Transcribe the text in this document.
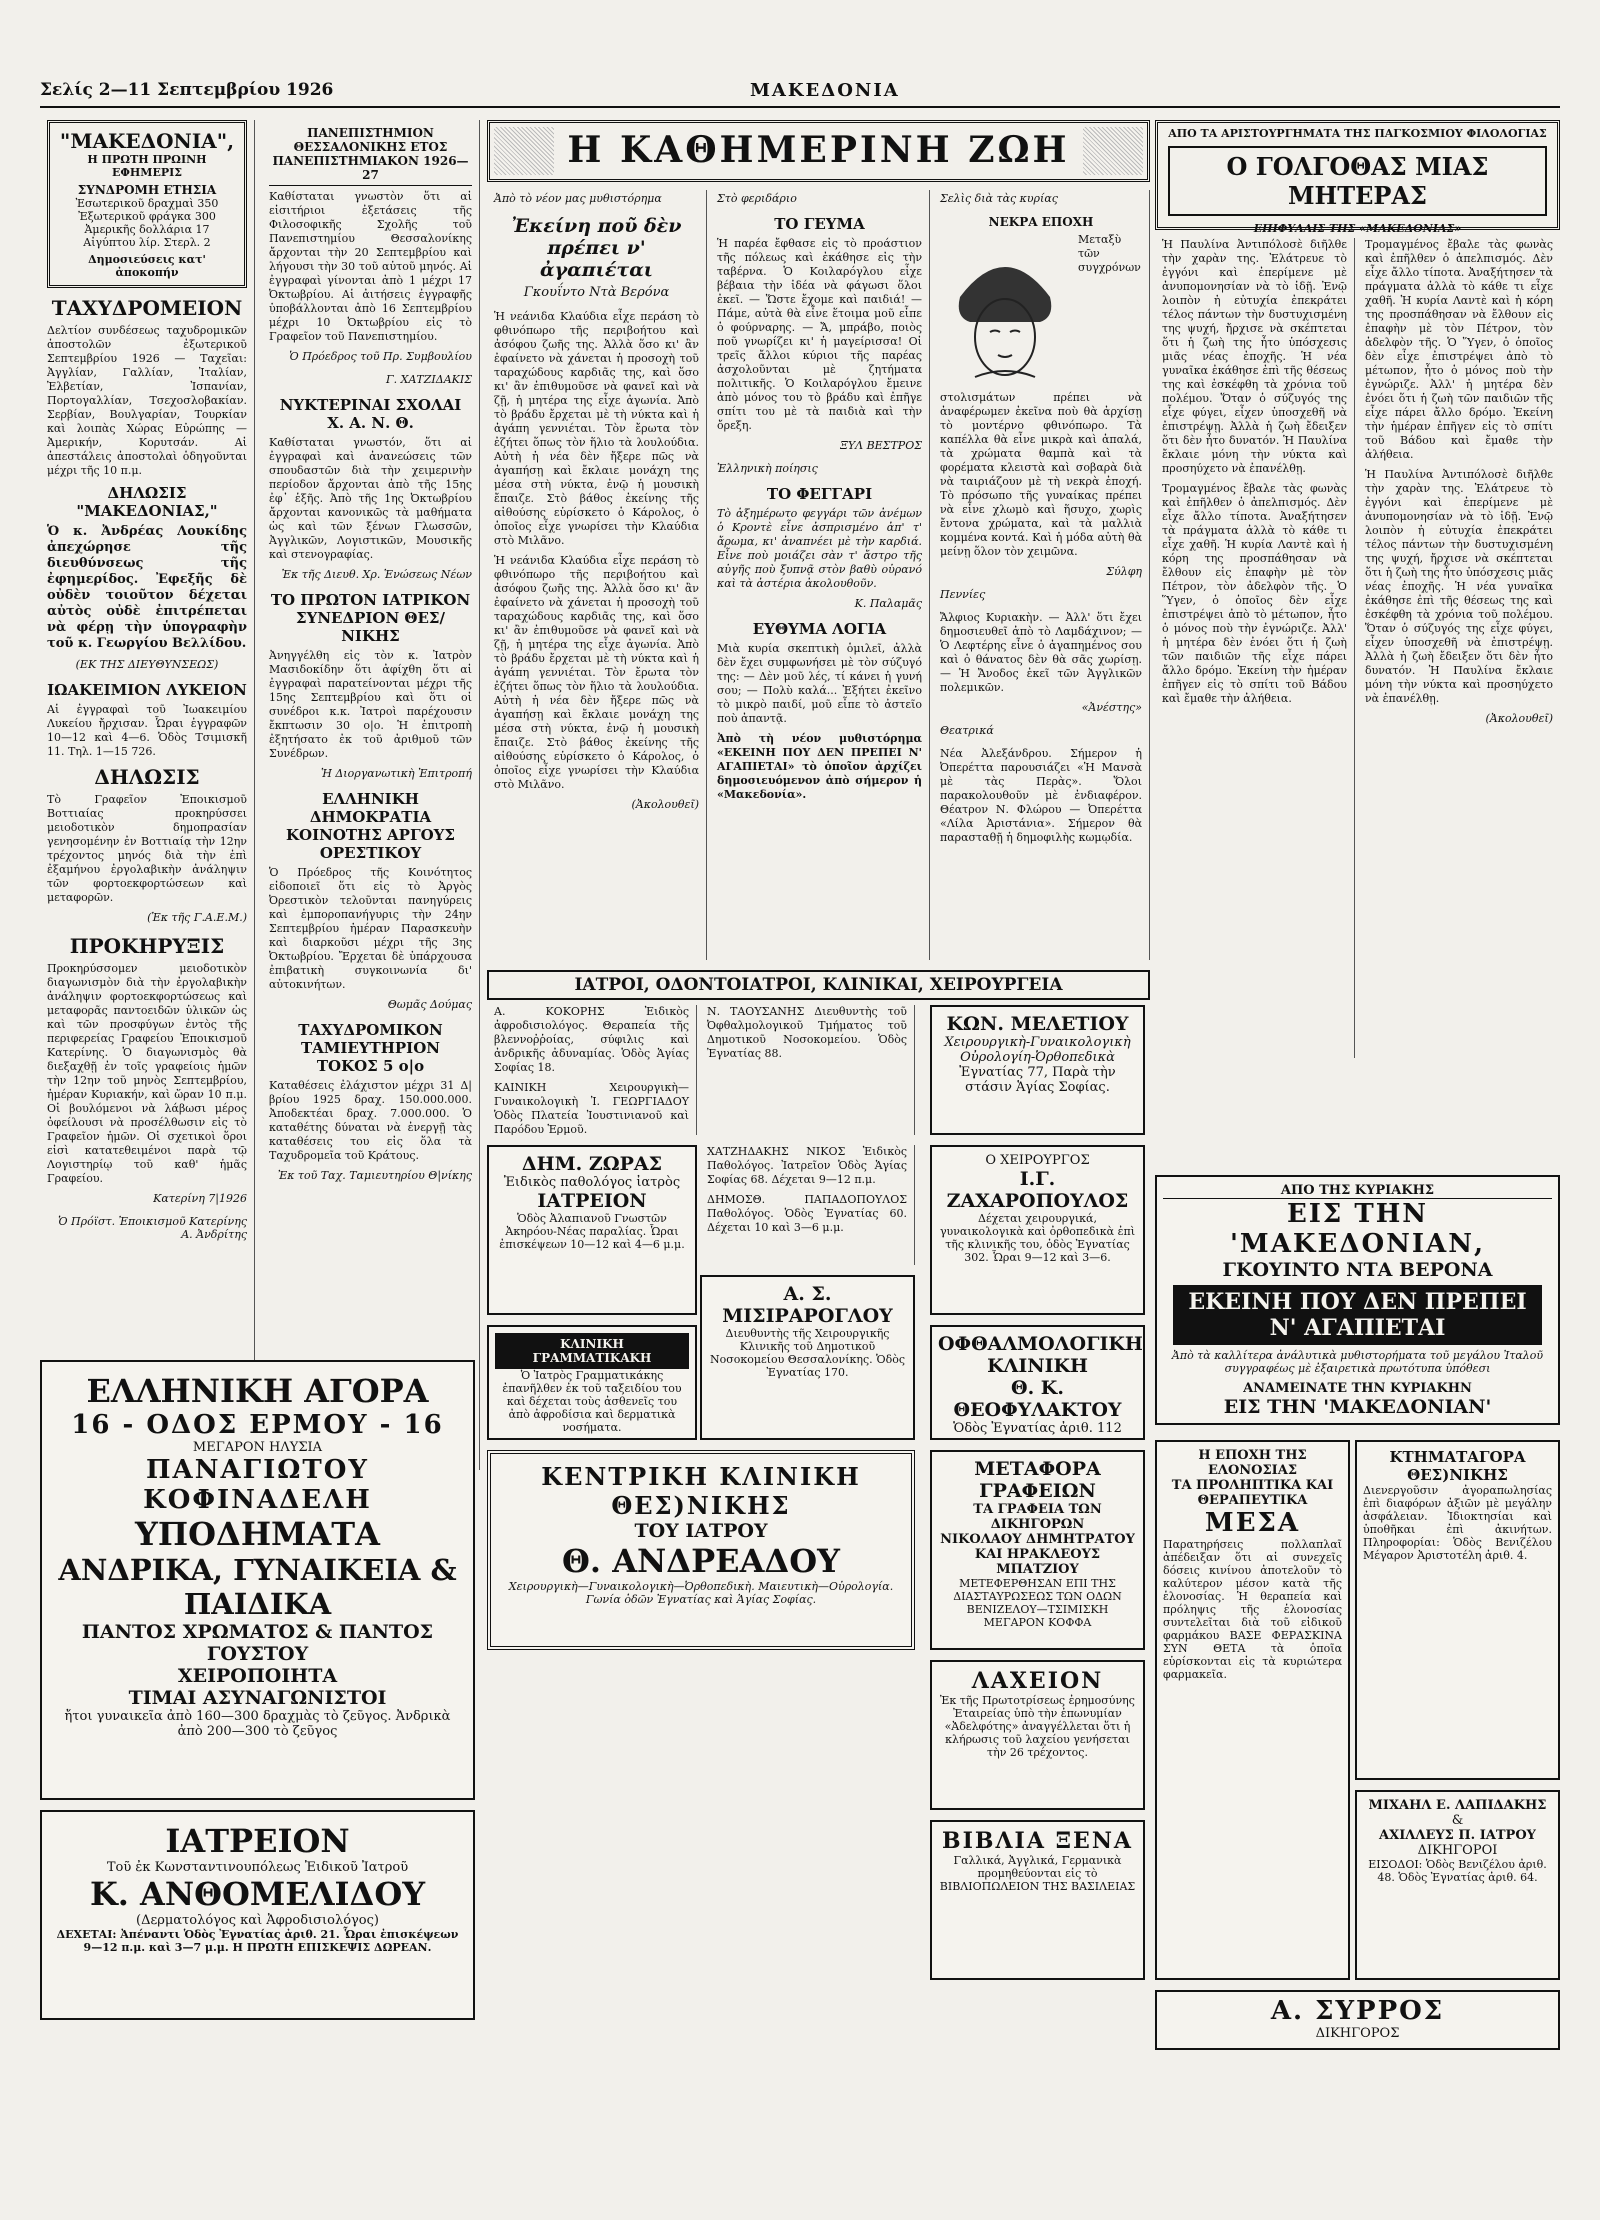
Σελίς 2—11 Σεπτεμβρίου 1926	ΜΑΚΕΔΟΝΙΑ
"ΜΑΚΕΔΟΝΙΑ",
Η ΠΡΩΤΗ ΠΡΩΙΝΗ ΕΦΗΜΕΡΙΣ
ΣΥΝΔΡΟΜΗ ΕΤΗΣΙΑ
Ἐσωτερικοῦ δραχμαὶ 350
Ἐξωτερικοῦ φράγκα 300
Ἀμερικῆς δολλάρια 17
Αἰγύπτου λίρ. Στερλ. 2
Δημοσιεύσεις κατ' ἀποκοπήν
ΤΑΧΥΔΡΟΜΕΙΟΝ

Δελτίον συνδέσεως ταχυδρομικῶν ἀποστολῶν ἐξωτερικοῦ Σεπτεμβρίου 1926 — Ταχεῖαι: Ἀγγλίαν, Γαλλίαν, Ἰταλίαν, Ἐλβετίαν, Ἰσπανίαν, Πορτογαλλίαν, Τσεχοσλοβακίαν. Σερβίαν, Βουλγαρίαν, Τουρκίαν καὶ λοιπὰς Χώρας Εὐρώπης — Ἀμερικήν, Κορυτσάν. Αἱ ἀπεστάλεις ἀποστολαὶ ὁδηγοῦνται μέχρι τῆς 10 π.μ.

ΔΗΛΩΣΙΣ "ΜΑΚΕΔΟΝΙΑΣ,"

Ὁ κ. Ἀνδρέας Λουκίδης ἀπεχώρησε τῆς διευθύνσεως τῆς ἐφημερίδος. Ἐφεξῆς δὲ οὐδὲν τοιοῦτον δέχεται αὐτὸς οὐδὲ ἐπιτρέπεται νὰ φέρῃ τὴν ὑπογραφὴν τοῦ κ. Γεωργίου Βελλίδου.

(ΕΚ ΤΗΣ ΔΙΕΥΘΥΝΣΕΩΣ)
ΙΩΑΚΕΙΜΙΟΝ ΛΥΚΕΙΟΝ

Αἱ ἐγγραφαὶ τοῦ Ἰωακειμίου Λυκείου ἤρχισαν. Ὧραι ἐγγραφῶν 10—12 καὶ 4—6. Ὁδὸς Τσιμισκῆ 11. Τηλ. 1—15 726.

ΔΗΛΩΣΙΣ

Τὸ Γραφεῖον Ἐποικισμοῦ Βοττιαίας προκηρύσσει μειοδοτικὸν δημοπρασίαν γενησομένην ἐν Βοττιαίᾳ τὴν 12ην τρέχοντος μηνός διὰ τὴν ἐπὶ ἐξαμήνου ἐργολαβικὴν ἀνάληψιν τῶν φορτοεκφορτώσεων καὶ μεταφορῶν.

(Ἐκ τῆς Γ.Α.Ε.Μ.)
ΠΡΟΚΗΡΥΞΙΣ

Προκηρύσσομεν μειοδοτικὸν διαγωνισμὸν διὰ τὴν ἐργολαβικὴν ἀνάληψιν φορτοεκφορτώσεως καὶ μεταφορᾶς παντοειδῶν ὑλικῶν ὡς καὶ τῶν προσφύγων ἐντὸς τῆς περιφερείας Γραφείου Ἐποικισμοῦ Κατερίνης. Ὁ διαγωνισμὸς θὰ διεξαχθῇ ἐν τοῖς γραφείοις ἡμῶν τὴν 12ην τοῦ μηνὸς Σεπτεμβρίου, ἡμέραν Κυριακήν, καὶ ὥραν 10 π.μ. Οἱ βουλόμενοι νὰ λάβωσι μέρος ὀφείλουσι νὰ προσέλθωσιν εἰς τὸ Γραφεῖον ἡμῶν. Οἱ σχετικοὶ ὅροι εἰσὶ κατατεθειμένοι παρὰ τῷ Λογιστηρίῳ τοῦ καθ' ἡμᾶς Γραφείου.

Κατερίνη 7|1926
Ὁ Πρόϊστ. Ἐποικισμοῦ Κατερίνης Α. Ἀνδρίτης
ΠΑΝΕΠΙΣΤΗΜΙΟΝ ΘΕΣΣΑΛΟΝΙΚΗΣ ΕΤΟΣ ΠΑΝΕΠΙΣΤΗΜΙΑΚΟΝ 1926—27

Καθίσταται γνωστὸν ὅτι αἱ εἰσιτήριοι ἐξετάσεις τῆς Φιλοσοφικῆς Σχολῆς τοῦ Πανεπιστημίου Θεσσαλονίκης ἄρχονται τὴν 20 Σεπτεμβρίου καὶ λήγουσι τὴν 30 τοῦ αὐτοῦ μηνός. Αἱ ἐγγραφαὶ γίνονται ἀπὸ 1 μέχρι 17 Ὀκτωβρίου. Αἱ ἀιτήσεις ἐγγραφῆς ὑποβάλλονται ἀπὸ 16 Σεπτεμβρίου μέχρι 10 Ὀκτωβρίου εἰς τὸ Γραφεῖον τοῦ Πανεπιστημίου.

Ὁ Πρόεδρος τοῦ Πρ. Συμβουλίου
Γ. ΧΑΤΖΙΔΑΚΙΣ
ΝΥΚΤΕΡΙΝΑΙ ΣΧΟΛΑΙ Χ. Α. Ν. Θ.

Καθίσταται γνωστόν, ὅτι αἱ ἐγγραφαὶ καὶ ἀνανεώσεις τῶν σπουδαστῶν διὰ τὴν χειμερινὴν περίοδον ἄρχονται ἀπὸ τῆς 15ης ἐφ᾽ ἑξῆς. Ἀπὸ τῆς 1ης Ὀκτωβρίου ἄρχονται κανονικῶς τὰ μαθήματα ὡς καὶ τῶν ξένων Γλωσσῶν, Ἀγγλικῶν, Λογιστικῶν, Μουσικῆς καὶ στενογραφίας.

Ἐκ τῆς Διευθ. Χρ. Ἑνώσεως Νέων
ΤΟ ΠΡΩΤΟΝ ΙΑΤΡΙΚΟΝ ΣΥΝΕΔΡΙΟΝ ΘΕΣ/ΝΙΚΗΣ

Ἀνηγγέλθη εἰς τὸν κ. Ἰατρὸν Μασιδοκίδην ὅτι ἀφίχθη ὅτι αἱ ἐγγραφαὶ παρατείνονται μέχρι τῆς 15ης Σεπτεμβρίου καὶ ὅτι οἱ συνέδροι κ.κ. Ἰατροὶ παρέχουσιν ἔκπτωσιν 30 ο|ο. Ἡ ἐπιτροπὴ ἐξητήσατο ἐκ τοῦ ἀριθμοῦ τῶν Συνέδρων.

Ἡ Διοργανωτικὴ Ἐπιτροπή
ΕΛΛΗΝΙΚΗ ΔΗΜΟΚΡΑΤΙΑ ΚΟΙΝΟΤΗΣ ΑΡΓΟΥΣ ΟΡΕΣΤΙΚΟΥ

Ὁ Πρόεδρος τῆς Κοινότητος εἰδοποιεῖ ὅτι εἰς τὸ Ἀργὸς Ὀρεστικὸν τελοῦνται πανηγύρεις καὶ ἐμποροπανήγυρις τὴν 24ην Σεπτεμβρίου ἡμέραν Παρασκευὴν καὶ διαρκοῦσι μέχρι τῆς 3ης Ὀκτωβρίου. Ἔρχεται δὲ ὑπάρχουσα ἐπιβατικὴ συγκοινωνία δι' αὐτοκινήτων.

Θωμᾶς Δούμας
ΤΑΧΥΔΡΟΜΙΚΟΝ ΤΑΜΙΕΥΤΗΡΙΟΝ ΤΟΚΟΣ 5 ο|ο

Καταθέσεις ἐλάχιστον μέχρι 31 Δ|βρίου 1925 δραχ. 150.000.000. Ἀποδεκτέαι δραχ. 7.000.000. Ὁ καταθέτης δύναται νὰ ἐνεργῇ τὰς καταθέσεις του εἰς ὅλα τὰ Ταχυδρομεῖα τοῦ Κράτους.

Ἐκ τοῦ Ταχ. Ταμιευτηρίου Θ|νίκης
Η ΚΑΘΗΜΕΡΙΝΗ ΖΩΗ
Ἀπὸ τὸ νέον μας μυθιστόρημα
Ἐκείνη ποῦ δὲν πρέπει ν' ἀγαπιέται
Γκουΐντο Ντὰ Βερόνα

Ἡ νεάνιδα Κλαύδια εἶχε περάση τὸ φθινόπωρο τῆς περιβοήτου καὶ ἀσόφου ζωῆς της. Ἀλλὰ ὅσο κι' ἂν ἐφαίνετο νὰ χάνεται ἡ προσοχὴ τοῦ ταραχώδους καρδιᾶς της, καὶ ὅσο κι' ἂν ἐπιθυμοῦσε νὰ φανεῖ καὶ νὰ ζῇ, ἡ μητέρα της εἶχε ἀγωνία. Ἀπὸ τὸ βράδυ ἔρχεται μὲ τὴ νύκτα καὶ ἡ ἀγάπη γεννιέται. Τὸν ἔρωτα τὸν ἐζήτει ὅπως τὸν ἥλιο τὰ λουλούδια. Αὐτὴ ἡ νέα δὲν ἤξερε πῶς νὰ ἀγαπήσῃ καὶ ἔκλαιε μονάχη της μέσα στὴ νύκτα, ἐνῷ ἡ μουσικὴ ἔπαιζε. Στὸ βάθος ἐκείνης τῆς αἰθούσης εὑρίσκετο ὁ Κάρολος, ὁ ὁποῖος εἶχε γνωρίσει τὴν Κλαύδια στὸ Μιλᾶνο.

Ἡ νεάνιδα Κλαύδια εἶχε περάση τὸ φθινόπωρο τῆς περιβοήτου καὶ ἀσόφου ζωῆς της. Ἀλλὰ ὅσο κι' ἂν ἐφαίνετο νὰ χάνεται ἡ προσοχὴ τοῦ ταραχώδους καρδιᾶς της, καὶ ὅσο κι' ἂν ἐπιθυμοῦσε νὰ φανεῖ καὶ νὰ ζῇ, ἡ μητέρα της εἶχε ἀγωνία. Ἀπὸ τὸ βράδυ ἔρχεται μὲ τὴ νύκτα καὶ ἡ ἀγάπη γεννιέται. Τὸν ἔρωτα τὸν ἐζήτει ὅπως τὸν ἥλιο τὰ λουλούδια. Αὐτὴ ἡ νέα δὲν ἤξερε πῶς νὰ ἀγαπήσῃ καὶ ἔκλαιε μονάχη της μέσα στὴ νύκτα, ἐνῷ ἡ μουσικὴ ἔπαιζε. Στὸ βάθος ἐκείνης τῆς αἰθούσης εὑρίσκετο ὁ Κάρολος, ὁ ὁποῖος εἶχε γνωρίσει τὴν Κλαύδια στὸ Μιλᾶνο.

(Ἀκολουθεῖ)
Στὸ φεριδάριο
ΤΟ ΓΕΥΜΑ

Ἡ παρέα ἔφθασε εἰς τὸ προάστιον τῆς πόλεως καὶ ἐκάθησε εἰς τὴν ταβέρνα. Ὁ Κοιλαρόγλου εἶχε βέβαια τὴν ἰδέα νὰ φάγωσι ὅλοι ἐκεῖ. — Ὥστε ἔχομε καὶ παιδιά! — Πάμε, αὐτὰ θὰ εἶνε ἕτοιμα μοῦ εἶπε ὁ φούρναρης. — Ἄ, μπράβο, ποιὸς ποῦ γνωρίζει κι' ἡ μαγείρισσα! Οἱ τρεῖς ἄλλοι κύριοι τῆς παρέας ἀσχολοῦνται μὲ ζητήματα πολιτικῆς. Ὁ Κοιλαρόγλου ἔμεινε ἀπὸ μόνος του τὸ βράδυ καὶ ἐπῆγε σπίτι του μὲ τὰ παιδιὰ καὶ τὴν ὄρεξη.

ΞΥΛ ΒΕΣΤΡΟΣ
Ἑλληνικὴ ποίησις
ΤΟ ΦΕΓΓΑΡΙ

Τὸ ἀξημέρωτο φεγγάρι τῶν ἀνέμων ὁ Κροντὲ εἶνε ἀσπρισμένο ἀπ' τ' ἄρωμα, κι' ἀναπνέει μὲ τὴν καρδιά. Εἶνε ποὺ μοιάζει σὰν τ' ἄστρο τῆς αὐγῆς ποὺ ξυπνᾷ στὸν βαθὺ οὐρανό καὶ τὰ ἀστέρια ἀκολουθοῦν.

Κ. Παλαμᾶς
ΕΥΘΥΜΑ ΛΟΓΙΑ

Μιὰ κυρία σκεπτικὴ ὁμιλεῖ, ἀλλὰ δὲν ἔχει συμφωνήσει μὲ τὸν σύζυγό της: — Δὲν μοῦ λές, τί κάνει ἡ γυνή σου; — Πολὺ καλά... Ἐξήτει ἐκεῖνο τὸ μικρὸ παιδί, μοῦ εἶπε τὸ ἀστεῖο ποὺ ἀπαντᾷ.

Ἀπὸ τὴ νέον μυθιστόρημα «ΕΚΕΙΝΗ ΠΟΥ ΔΕΝ ΠΡΕΠΕΙ Ν' ΑΓΑΠΙΕΤΑΙ» τὸ ὁποῖον ἀρχίζει δημοσιευόμενον ἀπὸ σήμερον ἡ «Μακεδονία».

Σελὶς διὰ τὰς κυρίας
ΝΕΚΡΑ ΕΠΟΧΗ

Μεταξὺ τῶν συγχρόνων στολισμάτων πρέπει νὰ ἀναφέρωμεν ἐκεῖνα ποὺ θὰ ἀρχίσῃ τὸ μοντέρνο φθινόπωρο. Τὰ καπέλλα θὰ εἶνε μικρὰ καὶ ἁπαλά, τὰ χρώματα θαμπὰ καὶ τὰ φορέματα κλειστὰ καὶ σοβαρὰ διὰ νὰ ταιριάζουν μὲ τὴ νεκρὰ ἐποχή. Τὸ πρόσωπο τῆς γυναίκας πρέπει νὰ εἶνε χλωμὸ καὶ ἥσυχο, χωρὶς ἔντονα χρώματα, καὶ τὰ μαλλιὰ κομμένα κοντά. Καὶ ἡ μόδα αὐτὴ θὰ μείνῃ ὅλον τὸν χειμῶνα.

Σύλφη
Πεννίες

Ἄλφιος Κυριακὴν. — Ἀλλ' ὅτι ἔχει δημοσιευθεῖ ἀπὸ τὸ Λαμδάχινον; — Ὁ Λεφτέρης εἶνε ὁ ἀγαπημένος σου καὶ ὁ θάνατος δὲν θὰ σᾶς χωρίσῃ. — Ἡ Ἄνοδος ἐκεῖ τῶν Ἀγγλικῶν πολεμικῶν.

«Ἀνέστης»
Θεατρικά

Νέα Ἀλεξάνδρου. Σήμερον ἡ Ὀπερέττα παρουσιάζει «Ἡ Μανσὰ μὲ τὰς Περὰς». Ὅλοι παρακολουθοῦν μὲ ἐνδιαφέρον. Θέατρον Ν. Φλώρου — Ὀπερέττα «Λίλα Ἀριστάνια». Σήμερον θὰ παρασταθῇ ἡ δημοφιλὴς κωμῳδία.

ΑΠΟ ΤΑ ΑΡΙΣΤΟΥΡΓΗΜΑΤΑ ΤΗΣ ΠΑΓΚΟΣΜΙΟΥ ΦΙΛΟΛΟΓΙΑΣ
Ο ΓΟΛΓΟΘΑΣ ΜΙΑΣ ΜΗΤΕΡΑΣ
ΕΠΙΦΥΛΛΙΣ ΤΗΣ «ΜΑΚΕΔΟΝΙΑΣ»

Ἡ Παυλίνα Ἀντιπόλοσὲ διῆλθε τὴν χαρὰν της. Ἐλάτρευε τὸ ἐγγόνι καὶ ἐπερίμενε μὲ ἀνυπομονησίαν νὰ τὸ ἰδῇ. Ἐνῷ λοιπὸν ἡ εὐτυχία ἐπεκράτει τέλος πάντων τὴν δυστυχισμένη της ψυχή, ἤρχισε νὰ σκέπτεται ὅτι ἡ ζωὴ της ἦτο ὑπόσχεσις μιᾶς νέας ἐποχῆς. Ἡ νέα γυναῖκα ἐκάθησε ἐπὶ τῆς θέσεως της καὶ ἐσκέφθη τὰ χρόνια τοῦ πολέμου. Ὅταν ὁ σύζυγός της εἶχε φύγει, εἶχεν ὑποσχεθῆ νὰ ἐπιστρέψῃ. Ἀλλὰ ἡ ζωὴ ἔδειξεν ὅτι δὲν ἦτο δυνατόν. Ἡ Παυλίνα ἔκλαιε μόνη τὴν νύκτα καὶ προσηύχετο νὰ ἐπανέλθῃ.

Τρομαγμένος ἔβαλε τὰς φωνὰς καὶ ἐπῆλθεν ὁ ἀπελπισμός. Δὲν εἶχε ἄλλο τίποτα. Ἀναξήτησεν τὰ πράγματα ἀλλὰ τὸ κάθε τι εἶχε χαθῆ. Ἡ κυρία Λαντὲ καὶ ἡ κόρη της προσπάθησαν νὰ ἔλθουν εἰς ἐπαφὴν μὲ τὸν Πέτρον, τὸν ἀδελφὸν τῆς. Ὁ Ὕγεν, ὁ ὁποῖος δὲν εἶχε ἐπιστρέψει ἀπὸ τὸ μέτωπον, ἦτο ὁ μόνος ποὺ τὴν ἐγνώριζε. Ἀλλ' ἡ μητέρα δὲν ἐνόει ὅτι ἡ ζωὴ τῶν παιδιῶν τῆς εἶχε πάρει ἄλλο δρόμο. Ἐκείνη τὴν ἡμέραν ἐπῆγεν εἰς τὸ σπίτι τοῦ Βάδου καὶ ἔμαθε τὴν ἀλήθεια.

Τρομαγμένος ἔβαλε τὰς φωνὰς καὶ ἐπῆλθεν ὁ ἀπελπισμός. Δὲν εἶχε ἄλλο τίποτα. Ἀναξήτησεν τὰ πράγματα ἀλλὰ τὸ κάθε τι εἶχε χαθῆ. Ἡ κυρία Λαντὲ καὶ ἡ κόρη της προσπάθησαν νὰ ἔλθουν εἰς ἐπαφὴν μὲ τὸν Πέτρον, τὸν ἀδελφὸν τῆς. Ὁ Ὕγεν, ὁ ὁποῖος δὲν εἶχε ἐπιστρέψει ἀπὸ τὸ μέτωπον, ἦτο ὁ μόνος ποὺ τὴν ἐγνώριζε. Ἀλλ' ἡ μητέρα δὲν ἐνόει ὅτι ἡ ζωὴ τῶν παιδιῶν τῆς εἶχε πάρει ἄλλο δρόμο. Ἐκείνη τὴν ἡμέραν ἐπῆγεν εἰς τὸ σπίτι τοῦ Βάδου καὶ ἔμαθε τὴν ἀλήθεια.

Ἡ Παυλίνα Ἀντιπόλοσὲ διῆλθε τὴν χαρὰν της. Ἐλάτρευε τὸ ἐγγόνι καὶ ἐπερίμενε μὲ ἀνυπομονησίαν νὰ τὸ ἰδῇ. Ἐνῷ λοιπὸν ἡ εὐτυχία ἐπεκράτει τέλος πάντων τὴν δυστυχισμένη της ψυχή, ἤρχισε νὰ σκέπτεται ὅτι ἡ ζωὴ της ἦτο ὑπόσχεσις μιᾶς νέας ἐποχῆς. Ἡ νέα γυναῖκα ἐκάθησε ἐπὶ τῆς θέσεως της καὶ ἐσκέφθη τὰ χρόνια τοῦ πολέμου. Ὅταν ὁ σύζυγός της εἶχε φύγει, εἶχεν ὑποσχεθῆ νὰ ἐπιστρέψῃ. Ἀλλὰ ἡ ζωὴ ἔδειξεν ὅτι δὲν ἦτο δυνατόν. Ἡ Παυλίνα ἔκλαιε μόνη τὴν νύκτα καὶ προσηύχετο νὰ ἐπανέλθῃ.

(Ἀκολουθεῖ)
ΑΠΟ ΤΗΣ ΚΥΡΙΑΚΗΣ
ΕΙΣ ΤΗΝ 'ΜΑΚΕΔΟΝΙΑΝ,
ΓΚΟΥΙΝΤΟ ΝΤΑ ΒΕΡΟΝΑ
ΕΚΕΙΝΗ ΠΟΥ ΔΕΝ ΠΡΕΠΕΙ Ν' ΑΓΑΠΙΕΤΑΙ
Ἀπὸ τὰ καλλίτερα ἀνάλυτικὰ μυθιστορήματα τοῦ μεγάλου Ἰταλοῦ συγγραφέως μὲ ἐξαιρετικὰ πρωτότυπα ὑπόθεσι
ΑΝΑΜΕΙΝΑΤΕ ΤΗΝ ΚΥΡΙΑΚΗΝ
ΕΙΣ ΤΗΝ 'ΜΑΚΕΔΟΝΙΑΝ'
ΙΑΤΡΟΙ, ΟΔΟΝΤΟΙΑΤΡΟΙ, ΚΛΙΝΙΚΑΙ, ΧΕΙΡΟΥΡΓΕΙΑ

Α. ΚΟΚΟΡΗΣ Ἐιδικὸς ἀφροδισιολόγος. Θεραπεία τῆς βλεννοῤῥοίας, σύφιλις καὶ ἀνδρικῆς ἀδυναμίας. Ὁδὸς Ἁγίας Σοφίας 18.

ΚΑΙΝΙΚΗ Χειρουργικὴ—Γυναικολογικὴ Ἰ. ΓΕΩΡΓΙΑΔΟΥ Ὁδὸς Πλατεία Ἰουστινιανοῦ καὶ Παρόδου Ἑρμοῦ.

Ν. ΤΑΟΥΣΑΝΗΣ Διευθυντὴς τοῦ Ὀφθαλμολογικοῦ Τμήματος τοῦ Δημοτικοῦ Νοσοκομείου. Ὁδὸς Ἐγνατίας 88.

ΚΩΝ. ΜΕΛΕΤΙΟΥ
Χειρουργικὴ-Γυναικολογικὴ Οὐρολογίη-Ὀρθοπεδικὰ
Ἐγνατίας 77, Παρὰ τὴν στάσιν Ἁγίας Σοφίας.
ΔΗΜ. ΖΩΡΑΣ
Ἐιδικὸς παθολόγος ἰατρὸς
ΙΑΤΡΕΙΟΝ
Ὁδὸς Ἀλαπιανοῦ Γνωστῶν Ἀκηρόου-Νέας παραλίας. Ὧραι ἐπισκέψεων 10—12 καὶ 4—6 μ.μ.

ΧΑΤΖΗΔΑΚΗΣ ΝΙΚΟΣ Ἐιδικὸς Παθολόγος. Ἰατρεῖον Ὁδὸς Ἁγίας Σοφίας 68. Δέχεται 9—12 π.μ.

ΔΗΜΟΣΘ. ΠΑΠΑΔΟΠΟΥΛΟΣ Παθολόγος. Ὁδὸς Ἐγνατίας 60. Δέχεται 10 καὶ 3—6 μ.μ.

Ο ΧΕΙΡΟΥΡΓΟΣ
Ι.Γ. ΖΑΧΑΡΟΠΟΥΛΟΣ
Δέχεται χειρουργικά, γυναικολογικὰ καὶ ὀρθοπεδικὰ ἐπὶ τῆς κλινικῆς του, ὁδὸς Ἐγνατίας 302. Ὧραι 9—12 καὶ 3—6.
Α. Σ. ΜΙΣΙΡΑΡΟΓΛΟΥ
Διευθυντὴς τῆς Χειρουργικῆς Κλινικῆς τοῦ Δημοτικοῦ Νοσοκομείου Θεσσαλονίκης. Ὁδὸς Ἐγνατίας 170.
ΚΛΙΝΙΚΗ ΓΡΑΜΜΑΤΙΚΑΚΗ
Ὁ Ἰατρὸς Γραμματικάκης ἐπανῆλθεν ἐκ τοῦ ταξειδίου του καὶ δέχεται τοὺς ἀσθενεῖς του ἀπὸ ἀφροδίσια καὶ δερματικὰ νοσήματα.
ΟΦΘΑΛΜΟΛΟΓΙΚΗ ΚΛΙΝΙΚΗ
Θ. Κ. ΘΕΟΦΥΛΑΚΤΟΥ
Ὁδὸς Ἐγνατίας ἀριθ. 112
ΕΛΛΗΝΙΚΗ ΑΓΟΡΑ
16 - ΟΔΟΣ ΕΡΜΟΥ - 16
ΜΕΓΑΡΟΝ ΗΛΥΣΙΑ
ΠΑΝΑΓΙΩΤΟΥ ΚΟΦΙΝΑΔΕΛΗ
ΥΠΟΔΗΜΑΤΑ
ΑΝΔΡΙΚΑ, ΓΥΝΑΙΚΕΙΑ & ΠΑΙΔΙΚΑ
ΠΑΝΤΟΣ ΧΡΩΜΑΤΟΣ & ΠΑΝΤΟΣ ΓΟΥΣΤΟΥ
ΧΕΙΡΟΠΟΙΗΤΑ
ΤΙΜΑΙ ΑΣΥΝΑΓΩΝΙΣΤΟΙ
ἤτοι γυναικεῖα ἀπὸ 160—300 δραχμὰς τὸ ζεῦγος. Ἀνδρικὰ ἀπὸ 200—300 τὸ ζεῦγος
ΙΑΤΡΕΙΟΝ
Τοῦ ἐκ Κωνσταντινουπόλεως Ἐιδικοῦ Ἰατροῦ
Κ. ΑΝΘΟΜΕΛΙΔΟΥ
(Δερματολόγος καὶ Ἀφροδισιολόγος)
ΔΕΧΕΤΑΙ: Ἀπέναντι Ὁδὸς Ἐγνατίας ἀριθ. 21. Ὧραι ἐπισκέψεων 9—12 π.μ. καὶ 3—7 μ.μ. Η ΠΡΩΤΗ ΕΠΙΣΚΕΨΙΣ ΔΩΡΕΑΝ.
ΚΕΝΤΡΙΚΗ ΚΛΙΝΙΚΗ ΘΕΣ)ΝΙΚΗΣ
ΤΟΥ ΙΑΤΡΟΥ
Θ. ΑΝΔΡΕΑΔΟΥ
Χειρουργικὴ—Γυναικολογικὴ—Ὀρθοπεδικὴ. Μαιευτικὴ—Οὐρολογία. Γωνία ὁδῶν Ἐγνατίας καὶ Ἁγίας Σοφίας.
ΜΕΤΑΦΟΡΑ ΓΡΑΦΕΙΩΝ
ΤΑ ΓΡΑΦΕΙΑ ΤΩΝ ΔΙΚΗΓΟΡΩΝ
ΝΙΚΟΛΑΟΥ ΔΗΜΗΤΡΑΤΟΥ ΚΑΙ ΗΡΑΚΛΕΟΥΣ ΜΠΑΤΖΙΟΥ
ΜΕΤΕΦΕΡΘΗΣΑΝ ΕΠΙ ΤΗΣ ΔΙΑΣΤΑΥΡΩΣΕΩΣ ΤΩΝ ΟΔΩΝ ΒΕΝΙΖΕΛΟΥ—ΤΣΙΜΙΣΚΗ ΜΕΓΑΡΟΝ ΚΟΦΦΑ
ΛΑΧΕΙΟΝ
Ἐκ τῆς Πρωτοτρίσεως ἐρημοσύνης Ἐταιρείας ὑπὸ τὴν ἐπωνυμίαν «Ἀδελφότης» ἀναγγέλλεται ὅτι ἡ κλήρωσις τοῦ λαχείου γενήσεται τὴν 26 τρέχοντος.
ΚΤΗΜΑΤΑΓΟΡΑ ΘΕΣ)ΝΙΚΗΣ
Διενεργοῦσιν ἀγοραπωλησίας ἐπὶ διαφόρων ἀξιῶν μὲ μεγάλην ἀσφάλειαν. Ἰδιοκτησίαι καὶ ὑποθῆκαι ἐπὶ ἀκινήτων. Πληροφορίαι: Ὁδὸς Βενιζέλου Μέγαρον Ἀριστοτέλη ἀριθ. 4.
Η ΕΠΟΧΗ ΤΗΣ ΕΛΟΝΟΣΙΑΣ
ΤΑ ΠΡΟΛΗΠΤΙΚΑ ΚΑΙ ΘΕΡΑΠΕΥΤΙΚΑ
ΜΕΣΑ
Παρατηρήσεις πολλαπλαῖ ἀπέδειξαν ὅτι αἱ συνεχεῖς δόσεις κινίνου ἀποτελοῦν τὸ καλύτερον μέσον κατὰ τῆς ἑλονοσίας. Ἡ θεραπεία καὶ πρόληψις τῆς ἑλονοσίας συντελεῖται διὰ τοῦ εἰδικοῦ φαρμάκου ΒΑΣΕ ΦΕΡΑΣΚΙΝΑ ΣΥΝ ΘΕΤΑ τὰ ὁποῖα εὑρίσκονται εἰς τὰ κυριώτερα φαρμακεῖα.
ΜΙΧΑΗΛ Ε. ΛΑΠΙΔΑΚΗΣ
&
ΑΧΙΛΛΕΥΣ Π. ΙΑΤΡΟΥ
ΔΙΚΗΓΟΡΟΙ
ΕΙΣΟΔΟΙ: Ὁδὸς Βενιζέλου ἀριθ. 48. Ὁδὸς Ἐγνατίας ἀριθ. 64.
ΒΙΒΛΙΑ ΞΕΝΑ
Γαλλικά, Ἀγγλικά, Γερμανικὰ προμηθεύονται εἰς τὸ ΒΙΒΛΙΟΠΩΛΕΙΟΝ ΤΗΣ ΒΑΣΙΛΕΙΑΣ
Α. ΣΥΡΡΟΣ
ΔΙΚΗΓΟΡΟΣ
